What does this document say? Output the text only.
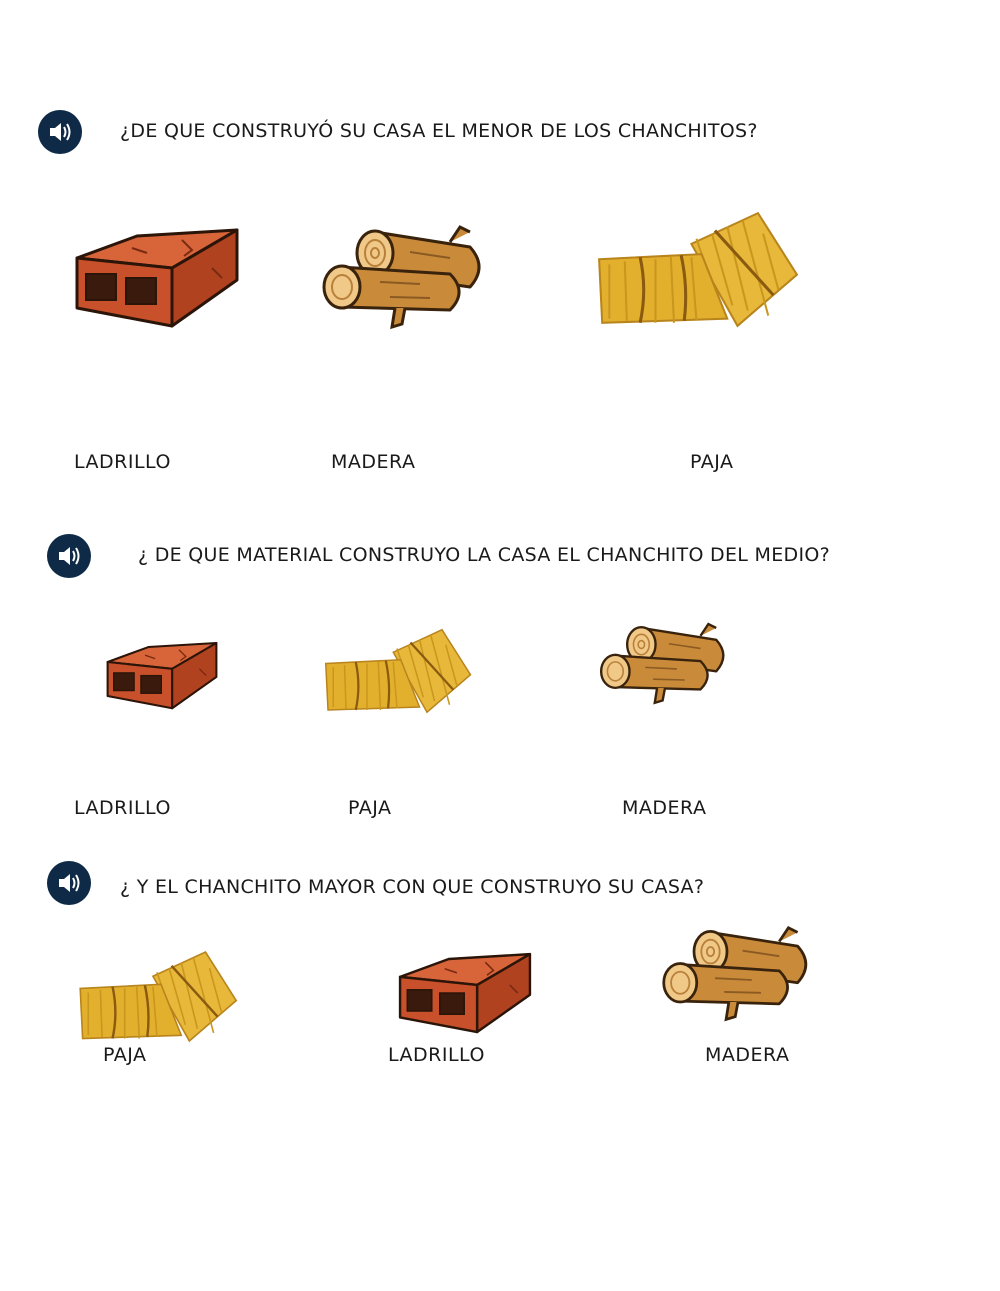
¿DE QUE CONSTRUYÓ SU CASA EL MENOR DE LOS CHANCHITOS?
LADRILLO	MADERA	PAJA
¿ DE QUE MATERIAL CONSTRUYO LA CASA EL CHANCHITO DEL MEDIO?
LADRILLO	PAJA	MADERA
¿ Y EL CHANCHITO MAYOR CON QUE CONSTRUYO SU CASA?
PAJA	LADRILLO	MADERA
